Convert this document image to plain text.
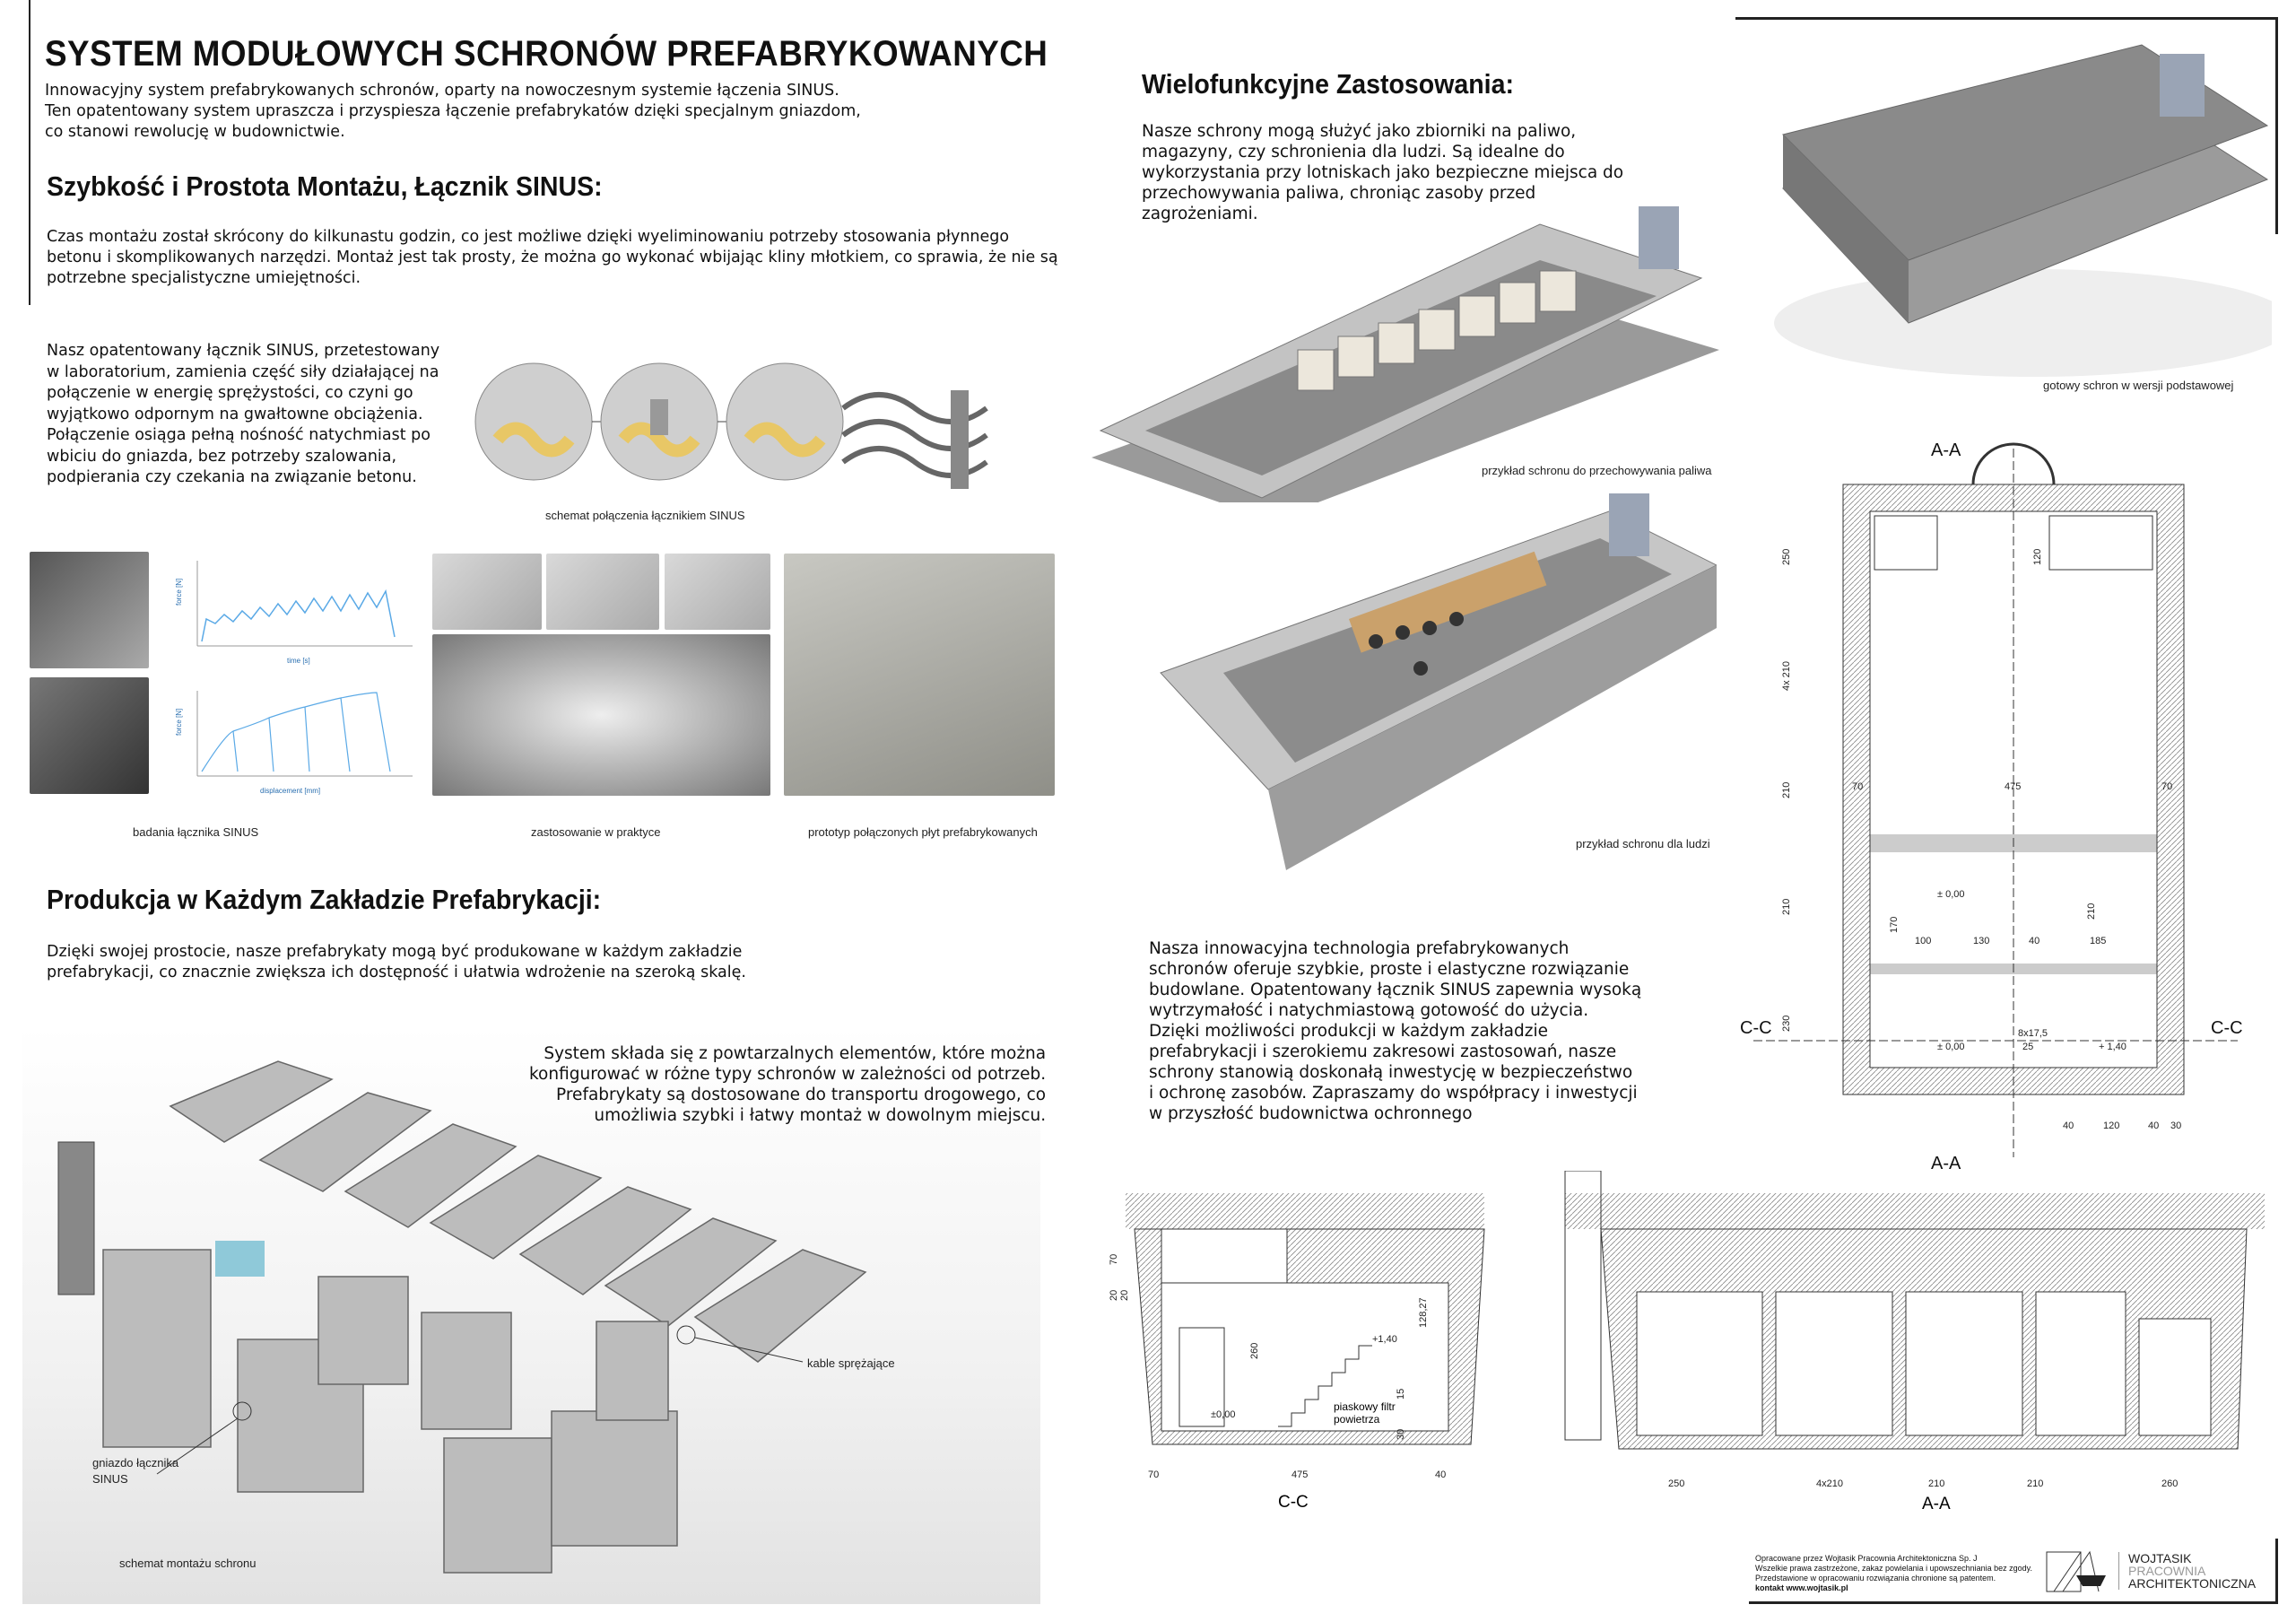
SYSTEM MODUŁOWYCH SCHRONÓW PREFABRYKOWANYCH
Innowacyjny system prefabrykowanych schronów, oparty na nowoczesnym systemie łączenia SINUS.
Ten opatentowany system upraszcza i przyspiesza łączenie prefabrykatów dzięki specjalnym gniazdom,
co stanowi rewolucję w budownictwie.
Szybkość i Prostota Montażu, Łącznik SINUS:
Czas montażu został skrócony do kilkunastu godzin, co jest możliwe dzięki wyeliminowaniu potrzeby stosowania płynnego
betonu i skomplikowanych narzędzi. Montaż jest tak prosty, że można go wykonać wbijając kliny młotkiem, co sprawia, że nie są
potrzebne specjalistyczne umiejętności.
Nasz opatentowany łącznik SINUS, przetestowany
w laboratorium, zamienia część siły działającej na
połączenie w energię sprężystości, co czyni go
wyjątkowo odpornym na gwałtowne obciążenia.
Połączenie osiąga pełną nośność natychmiast po
wbiciu do gniazda, bez potrzeby szalowania,
podpierania czy czekania na związanie betonu.
schemat połączenia łącznikiem SINUS
force [N]
time [s]
force [N]
displacement [mm]
badania łącznika SINUS	zastosowanie w praktyce	prototyp połączonych płyt prefabrykowanych
Produkcja w Każdym Zakładzie Prefabrykacji:
Dzięki swojej prostocie, nasze prefabrykaty mogą być produkowane w każdym zakładzie
prefabrykacji, co znacznie zwiększa ich dostępność i ułatwia wdrożenie na szeroką skalę.
System składa się z powtarzalnych elementów, które można
konfigurować w różne typy schronów w zależności od potrzeb.
Prefabrykaty są dostosowane do transportu drogowego, co
umożliwia szybki i łatwy montaż w dowolnym miejscu.
kable sprężające
gniazdo łącznika
SINUS
schemat montażu schronu
Wielofunkcyjne Zastosowania:
Nasze schrony mogą służyć jako zbiorniki na paliwo,
magazyny, czy schronienia dla ludzi. Są idealne do
wykorzystania przy lotniskach jako bezpieczne miejsca do
przechowywania paliwa, chroniąc zasoby przed
zagrożeniami.
przykład schronu do przechowywania paliwa
przykład schronu dla ludzi
Nasza innowacyjna technologia prefabrykowanych
schronów oferuje szybkie, proste i elastyczne rozwiązanie
budowlane. Opatentowany łącznik SINUS zapewnia wysoką
wytrzymałość i natychmiastową gotowość do użycia.
Dzięki możliwości produkcji w każdym zakładzie
prefabrykacji i szerokiemu zakresowi zastosowań, nasze
schrony stanowią doskonałą inwestycję w bezpieczeństwo
i ochronę zasobów. Zapraszamy do współpracy i inwestycji
w przyszłość budownictwa ochronnego
gotowy schron w wersji podstawowej
250
4x 210
210
210
230
475
70	70
100	130	40	185
40	120	40 30
120
170
210
± 0,00
± 0,00	+ 1,40
8x17,5
25
A-A
A-A
C-C	C-C
70	475	40
260
128,27
+1,40
±0,00
15
30
20
70
20
piaskowy filtr powietrza
C-C
250	4x210	210	210	260
A-A
Opracowane przez Wojtasik Pracownia Architektoniczna Sp. J
Wszelkie prawa zastrzeżone, zakaz powielania i upowszechniania bez zgody.
Przedstawione w opracowaniu rozwiązania chronione są patentem.
kontakt www.wojtasik.pl
WOJTASIK
PRACOWNIA
ARCHITEKTONICZNA
